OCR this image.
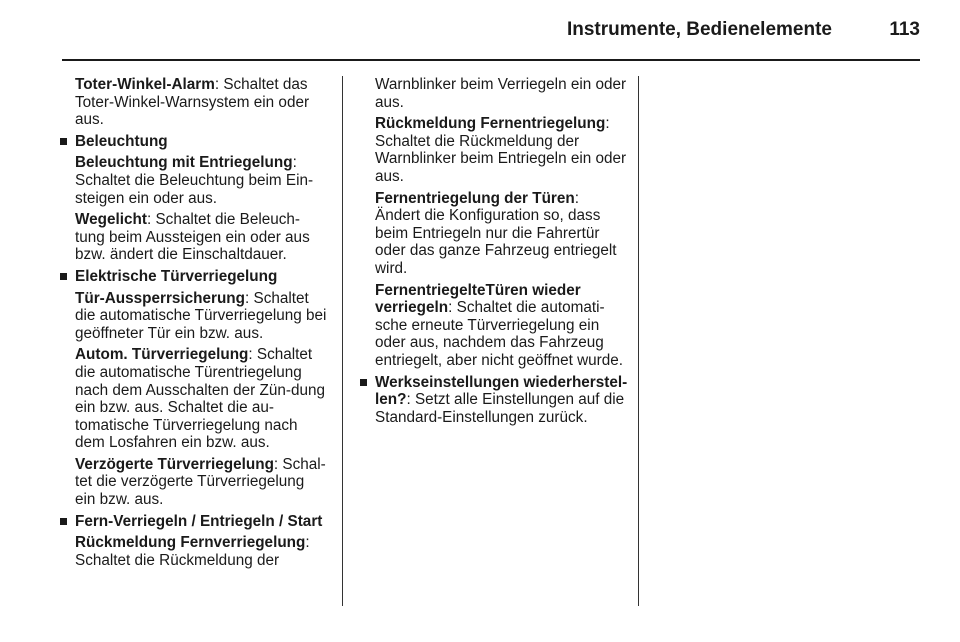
Instrumente, Bedienelemente	113

Toter-Winkel-Alarm: Schaltet das Toter-Winkel-Warnsystem ein oder aus.

Beleuchtung

Beleuchtung mit Entriegelung: Schaltet die Beleuchtung beim Ein-steigen ein oder aus.

Wegelicht: Schaltet die Beleuch-tung beim Aussteigen ein oder aus bzw. ändert die Einschaltdauer.

Elektrische Türverriegelung

Tür-Aussperrsicherung: Schaltet die automatische Türverriegelung bei geöffneter Tür ein bzw. aus.

Autom. Türverriegelung: Schaltet die automatische Türentriegelung nach dem Ausschalten der Zün-dung ein bzw. aus. Schaltet die au-tomatische Türverriegelung nach dem Losfahren ein bzw. aus.

Verzögerte Türverriegelung: Schal-tet die verzögerte Türverriegelung ein bzw. aus.

Fern-Verriegeln / Entriegeln / Start

Rückmeldung Fernverriegelung: Schaltet die Rückmeldung der

Warnblinker beim Verriegeln ein oder aus.

Rückmeldung Fernentriegelung: Schaltet die Rückmeldung der Warnblinker beim Entriegeln ein oder aus.

Fernentriegelung der Türen: Ändert die Konfiguration so, dass beim Entriegeln nur die Fahrertür oder das ganze Fahrzeug entriegelt wird.

FernentriegelteTüren wieder verriegeln: Schaltet die automati-sche erneute Türverriegelung ein oder aus, nachdem das Fahrzeug entriegelt, aber nicht geöffnet wurde.

Werkseinstellungen wiederherstel-len?: Setzt alle Einstellungen auf die Standard-Einstellungen zurück.
